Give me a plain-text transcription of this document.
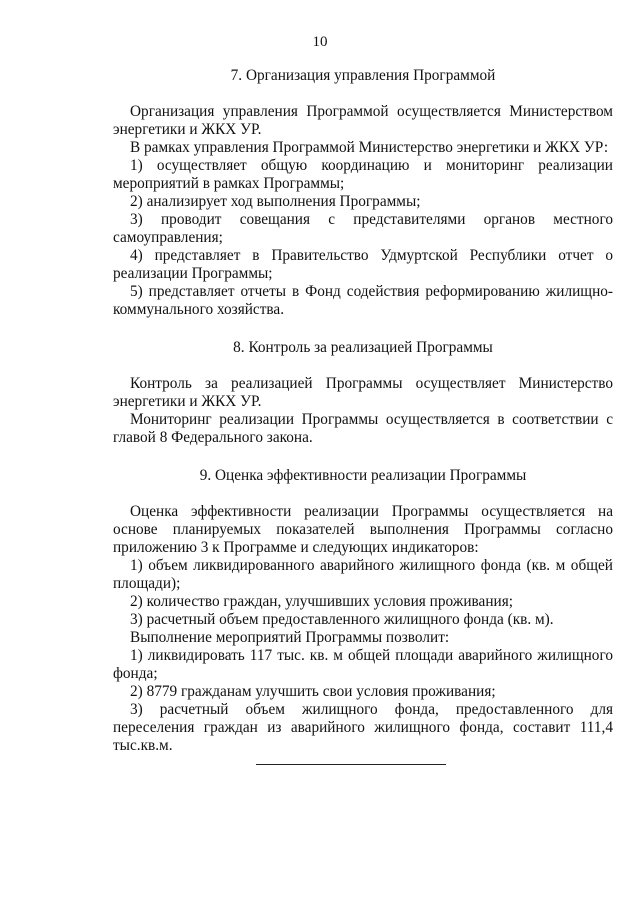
10
7. Организация управления Программой

Организация управления Программой осуществляется Министерством энергетики и ЖКХ УР.

В рамках управления Программой Министерство энергетики и ЖКХ УР:

1) осуществляет общую координацию и мониторинг реализации мероприятий в рамках Программы;

2) анализирует ход выполнения Программы;

3) проводит совещания с представителями органов местного самоуправления;

4) представляет в Правительство Удмуртской Республики отчет о реализации Программы;

5) представляет отчеты в Фонд содействия реформированию жилищно-коммунального хозяйства.

8. Контроль за реализацией Программы

Контроль за реализацией Программы осуществляет Министерство энергетики и ЖКХ УР.

Мониторинг реализации Программы осуществляется в соответствии с главой 8 Федерального закона.

9. Оценка эффективности реализации Программы

Оценка эффективности реализации Программы осуществляется на основе планируемых показателей выполнения Программы согласно приложению 3 к Программе и следующих индикаторов:

1) объем ликвидированного аварийного жилищного фонда (кв. м общей площади);

2) количество граждан, улучшивших условия проживания;

3) расчетный объем предоставленного жилищного фонда (кв. м).

Выполнение мероприятий Программы позволит:

1) ликвидировать 117 тыс. кв. м общей площади аварийного жилищного фонда;

2) 8779 гражданам улучшить свои условия проживания;

3) расчетный объем жилищного фонда, предоставленного для переселения граждан из аварийного жилищного фонда, составит 111,4 тыс.кв.м.
